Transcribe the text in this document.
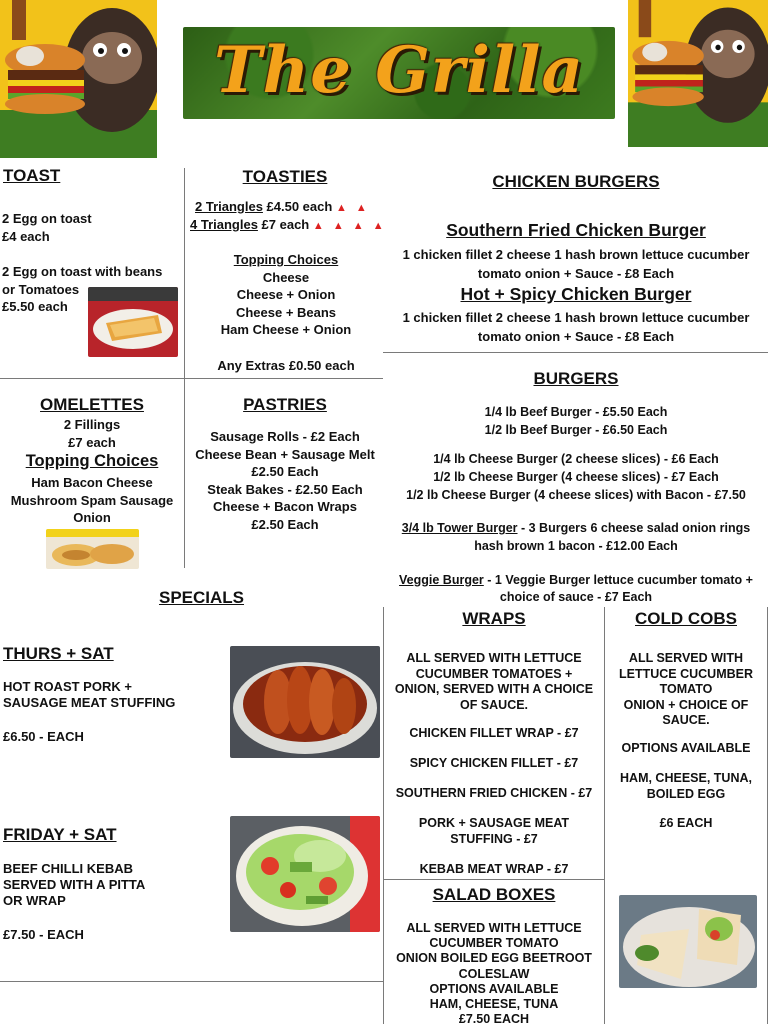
The Grilla
TOAST
2 Egg on toast
£4 each
2 Egg on toast with beans
or Tomatoes
£5.50 each
TOASTIES
2 Triangles £4.50 each ▲ ▲
4 Triangles £7 each ▲ ▲ ▲ ▲
Topping Choices
Cheese
Cheese + Onion
Cheese + Beans
Ham Cheese + Onion
Any Extras £0.50 each
CHICKEN BURGERS
Southern Fried Chicken Burger
1 chicken fillet 2 cheese 1 hash brown lettuce cucumber
tomato onion + Sauce - £8 Each
Hot + Spicy Chicken Burger
1 chicken fillet 2 cheese 1 hash brown lettuce cucumber
tomato onion + Sauce - £8 Each
OMELETTES
2 Fillings
£7 each
Topping Choices
Ham Bacon Cheese
Mushroom Spam Sausage
Onion
PASTRIES
Sausage Rolls - £2 Each
Cheese Bean + Sausage Melt
£2.50 Each
Steak Bakes - £2.50 Each
Cheese + Bacon Wraps
£2.50 Each
BURGERS
1/4 lb Beef Burger - £5.50 Each
1/2 lb Beef Burger - £6.50 Each
1/4 lb Cheese Burger (2 cheese slices) - £6 Each
1/2 lb Cheese Burger (4 cheese slices) - £7 Each
1/2 lb Cheese Burger (4 cheese slices) with Bacon - £7.50
3/4 lb Tower Burger - 3 Burgers 6 cheese salad onion rings
hash brown 1 bacon - £12.00 Each
Veggie Burger - 1 Veggie Burger lettuce cucumber tomato +
choice of sauce - £7 Each
SPECIALS
THURS + SAT
HOT ROAST PORK +
SAUSAGE MEAT STUFFING
£6.50 - EACH
FRIDAY + SAT
BEEF CHILLI KEBAB
SERVED WITH A PITTA
OR WRAP
£7.50 - EACH
WRAPS
ALL SERVED WITH LETTUCE
CUCUMBER TOMATOES +
ONION, SERVED WITH A CHOICE
OF SAUCE.
CHICKEN FILLET WRAP - £7
SPICY CHICKEN FILLET - £7
SOUTHERN FRIED CHICKEN - £7
PORK + SAUSAGE MEAT
STUFFING - £7
KEBAB MEAT WRAP - £7
COLD COBS
ALL SERVED WITH
LETTUCE CUCUMBER
TOMATO
ONION + CHOICE OF
SAUCE.
OPTIONS AVAILABLE
HAM, CHEESE, TUNA,
BOILED EGG
£6 EACH
SALAD BOXES
ALL SERVED WITH LETTUCE
CUCUMBER TOMATO
ONION BOILED EGG BEETROOT
COLESLAW
OPTIONS AVAILABLE
HAM, CHEESE, TUNA
£7.50 EACH
